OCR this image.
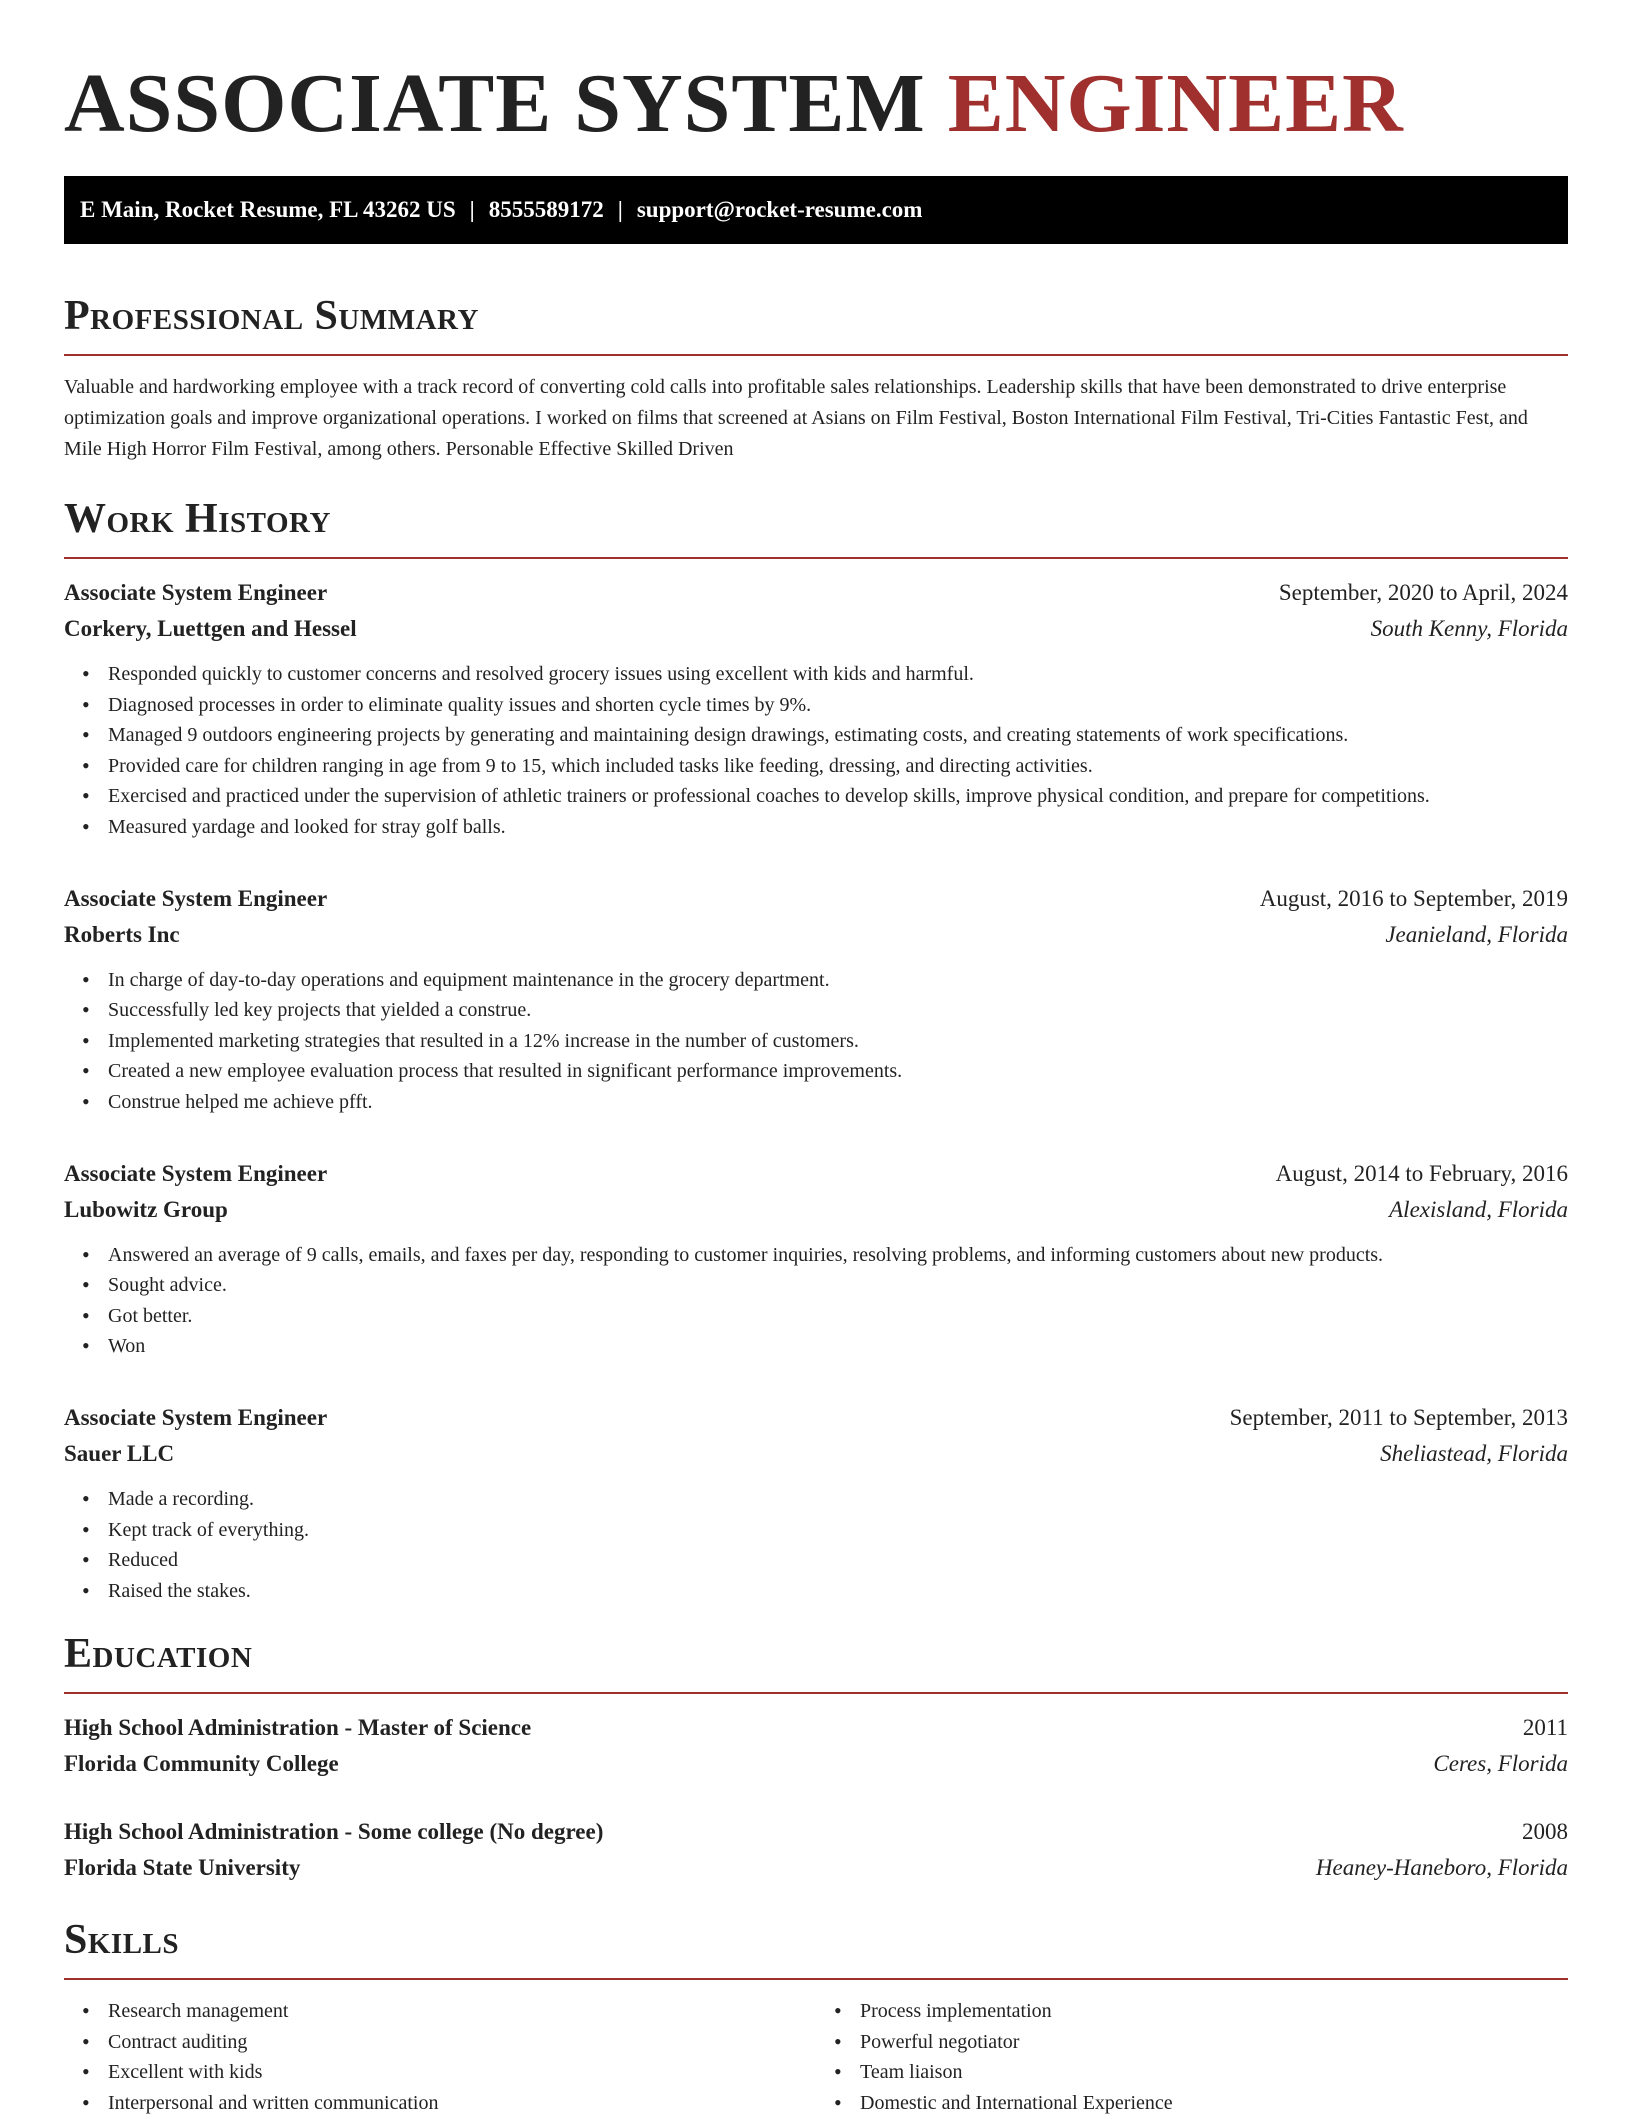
ASSOCIATE SYSTEM ENGINEER
E Main, Rocket Resume, FL 43262 US | 8555589172 | support@rocket-resume.com
Professional Summary

Valuable and hardworking employee with a track record of converting cold calls into profitable sales relationships. Leadership skills that have been demonstrated to drive enterprise optimization goals and improve organizational operations. I worked on films that screened at Asians on Film Festival, Boston International Film Festival, Tri-Cities Fantastic Fest, and Mile High Horror Film Festival, among others. Personable Effective Skilled Driven

Work History
Associate System Engineer	September, 2020 to April, 2024
Corkery, Luettgen and Hessel	South Kenny, Florida
• Responded quickly to customer concerns and resolved grocery issues using excellent with kids and harmful.
• Diagnosed processes in order to eliminate quality issues and shorten cycle times by 9%.
• Managed 9 outdoors engineering projects by generating and maintaining design drawings, estimating costs, and creating statements of work specifications.
• Provided care for children ranging in age from 9 to 15, which included tasks like feeding, dressing, and directing activities.
• Exercised and practiced under the supervision of athletic trainers or professional coaches to develop skills, improve physical condition, and prepare for competitions.
• Measured yardage and looked for stray golf balls.
Associate System Engineer	August, 2016 to September, 2019
Roberts Inc	Jeanieland, Florida
• In charge of day-to-day operations and equipment maintenance in the grocery department.
• Successfully led key projects that yielded a construe.
• Implemented marketing strategies that resulted in a 12% increase in the number of customers.
• Created a new employee evaluation process that resulted in significant performance improvements.
• Construe helped me achieve pfft.
Associate System Engineer	August, 2014 to February, 2016
Lubowitz Group	Alexisland, Florida
• Answered an average of 9 calls, emails, and faxes per day, responding to customer inquiries, resolving problems, and informing customers about new products.
• Sought advice.
• Got better.
• Won
Associate System Engineer	September, 2011 to September, 2013
Sauer LLC	Sheliastead, Florida
• Made a recording.
• Kept track of everything.
• Reduced
• Raised the stakes.
Education
High School Administration - Master of Science	2011
Florida Community College	Ceres, Florida
High School Administration - Some college (No degree)	2008
Florida State University	Heaney-Haneboro, Florida
Skills
• Research management
• Contract auditing
• Excellent with kids
• Interpersonal and written communication
• Process implementation
• Powerful negotiator
• Team liaison
• Domestic and International Experience
